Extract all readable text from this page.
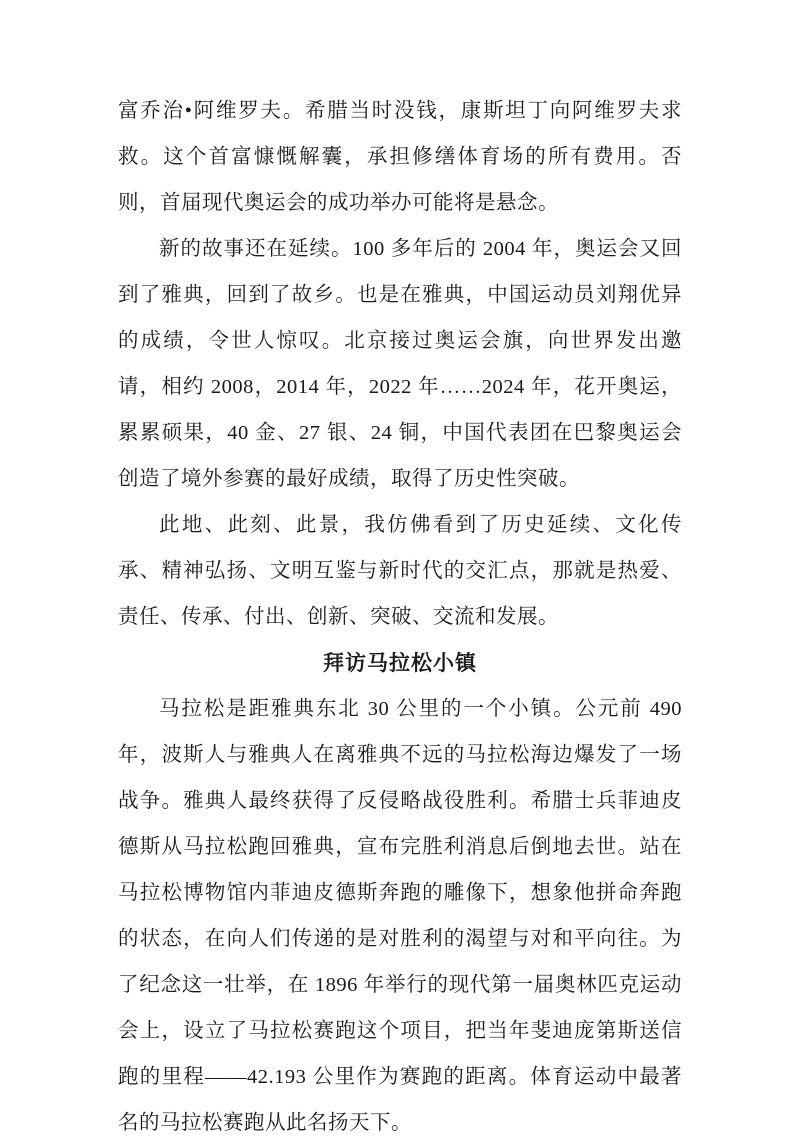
富乔治•阿维罗夫。希腊当时没钱，康斯坦丁向阿维罗夫求救。这个首富慷慨解囊，承担修缮体育场的所有费用。否则，首届现代奥运会的成功举办可能将是悬念。

新的故事还在延续。100 多年后的 2004 年，奥运会又回到了雅典，回到了故乡。也是在雅典，中国运动员刘翔优异的成绩，令世人惊叹。北京接过奥运会旗，向世界发出邀请，相约 2008，2014 年，2022 年……2024 年，花开奥运，累累硕果，40 金、27 银、24 铜，中国代表团在巴黎奥运会创造了境外参赛的最好成绩，取得了历史性突破。

此地、此刻、此景，我仿佛看到了历史延续、文化传承、精神弘扬、文明互鉴与新时代的交汇点，那就是热爱、责任、传承、付出、创新、突破、交流和发展。

拜访马拉松小镇

马拉松是距雅典东北 30 公里的一个小镇。公元前 490 年，波斯人与雅典人在离雅典不远的马拉松海边爆发了一场战争。雅典人最终获得了反侵略战役胜利。希腊士兵菲迪皮德斯从马拉松跑回雅典，宣布完胜利消息后倒地去世。站在马拉松博物馆内菲迪皮德斯奔跑的雕像下，想象他拼命奔跑的状态，在向人们传递的是对胜利的渴望与对和平向往。为了纪念这一壮举，在 1896 年举行的现代第一届奥林匹克运动会上，设立了马拉松赛跑这个项目，把当年斐迪庞第斯送信跑的里程——42.193 公里作为赛跑的距离。体育运动中最著名的马拉松赛跑从此名扬天下。
